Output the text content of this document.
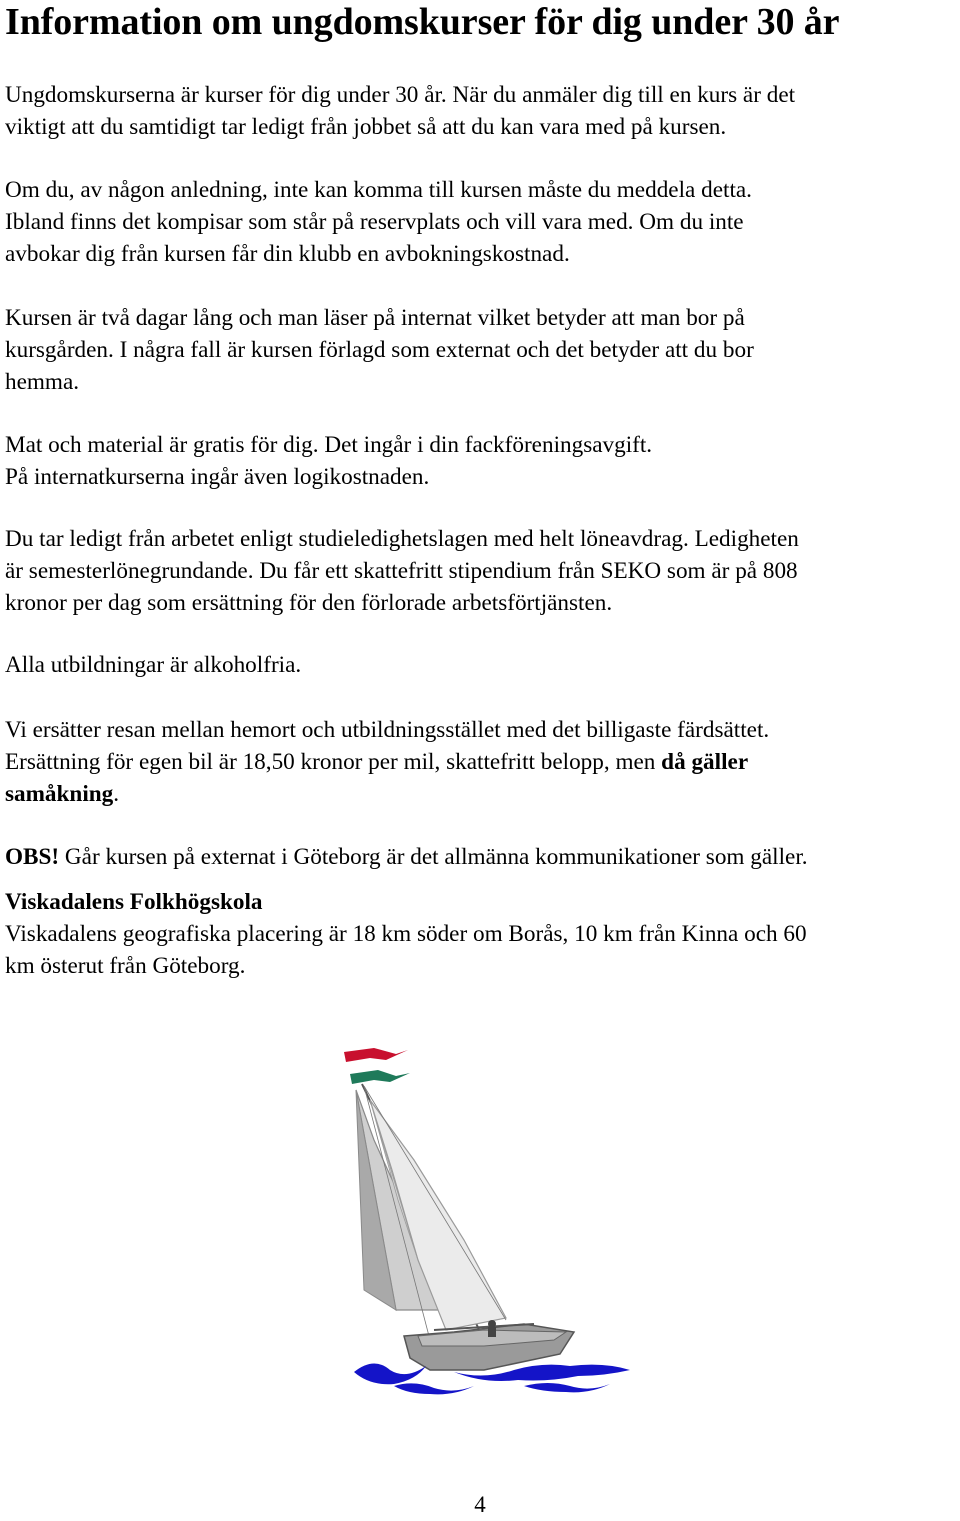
Information om ungdomskurser för dig under 30 år

Ungdomskurserna är kurser för dig under 30 år. När du anmäler dig till en kurs är det
viktigt att du samtidigt tar ledigt från jobbet så att du kan vara med på kursen.

Om du, av någon anledning, inte kan komma till kursen måste du meddela detta.
Ibland finns det kompisar som står på reservplats och vill vara med. Om du inte
avbokar dig från kursen får din klubb en avbokningskostnad.

Kursen är två dagar lång och man läser på internat vilket betyder att man bor på
kursgården. I några fall är kursen förlagd som externat och det betyder att du bor
hemma.

Mat och material är gratis för dig. Det ingår i din fackföreningsavgift.
På internatkurserna ingår även logikostnaden.

Du tar ledigt från arbetet enligt studieledighetslagen med helt löneavdrag. Ledigheten
är semesterlönegrundande. Du får ett skattefritt stipendium från SEKO som är på 808
kronor per dag som ersättning för den förlorade arbetsförtjänsten.

Alla utbildningar är alkoholfria.

Vi ersätter resan mellan hemort och utbildningsstället med det billigaste färdsättet.
Ersättning för egen bil är 18,50 kronor per mil, skattefritt belopp, men då gäller
samåkning.

OBS! Går kursen på externat i Göteborg är det allmänna kommunikationer som gäller.

Viskadalens Folkhögskola
Viskadalens geografiska placering är 18 km söder om Borås, 10 km från Kinna och 60
km österut från Göteborg.

4
